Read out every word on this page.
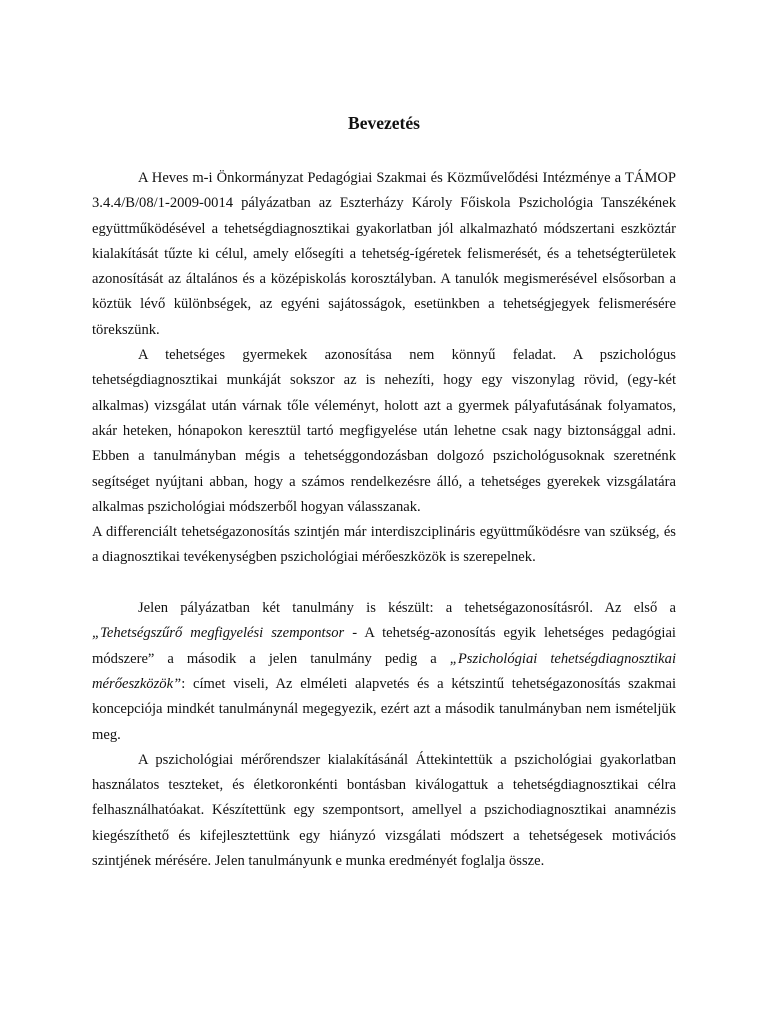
Bevezetés

A Heves m-i Önkormányzat Pedagógiai Szakmai és Közművelődési Intézménye a TÁMOP 3.4.4/B/08/1-2009-0014 pályázatban az Eszterházy Károly Főiskola Pszichológia Tanszékének együttműködésével a tehetségdiagnosztikai gyakorlatban jól alkalmazható módszertani eszköztár kialakítását tűzte ki célul, amely elősegíti a tehetség-ígéretek felismerését, és a tehetségterületek azonosítását az általános és a középiskolás korosztályban. A tanulók megismerésével elsősorban a köztük lévő különbségek, az egyéni sajátosságok, esetünkben a tehetségjegyek felismerésére törekszünk.

A tehetséges gyermekek azonosítása nem könnyű feladat. A pszichológus tehetségdiagnosztikai munkáját sokszor az is nehezíti, hogy egy viszonylag rövid, (egy-két alkalmas) vizsgálat után várnak tőle véleményt, holott azt a gyermek pályafutásának folyamatos, akár heteken, hónapokon keresztül tartó megfigyelése után lehetne csak nagy biztonsággal adni. Ebben a tanulmányban mégis a tehetséggondozásban dolgozó pszichológusoknak szeretnénk segítséget nyújtani abban, hogy a számos rendelkezésre álló, a tehetséges gyerekek vizsgálatára alkalmas pszichológiai módszerből hogyan válasszanak.

A differenciált tehetségazonosítás szintjén már interdiszciplináris együttműködésre van szükség, és a diagnosztikai tevékenységben pszichológiai mérőeszközök is szerepelnek.

Jelen pályázatban két tanulmány is készült: a tehetségazonosításról. Az első a „Tehetségszűrő megfigyelési szempontsor - A tehetség-azonosítás egyik lehetséges pedagógiai módszere” a második a jelen tanulmány pedig a „Pszichológiai tehetségdiagnosztikai mérőeszközök”: címet viseli, Az elméleti alapvetés és a kétszintű tehetségazonosítás szakmai koncepciója mindkét tanulmánynál megegyezik, ezért azt a második tanulmányban nem ismételjük meg.

A pszichológiai mérőrendszer kialakításánál Áttekintettük a pszichológiai gyakorlatban használatos teszteket, és életkoronkénti bontásban kiválogattuk a tehetségdiagnosztikai célra felhasználhatóakat. Készítettünk egy szempontsort, amellyel a pszichodiagnosztikai anamnézis kiegészíthető és kifejlesztettünk egy hiányzó vizsgálati módszert a tehetségesek motivációs szintjének mérésére. Jelen tanulmányunk e munka eredményét foglalja össze.
